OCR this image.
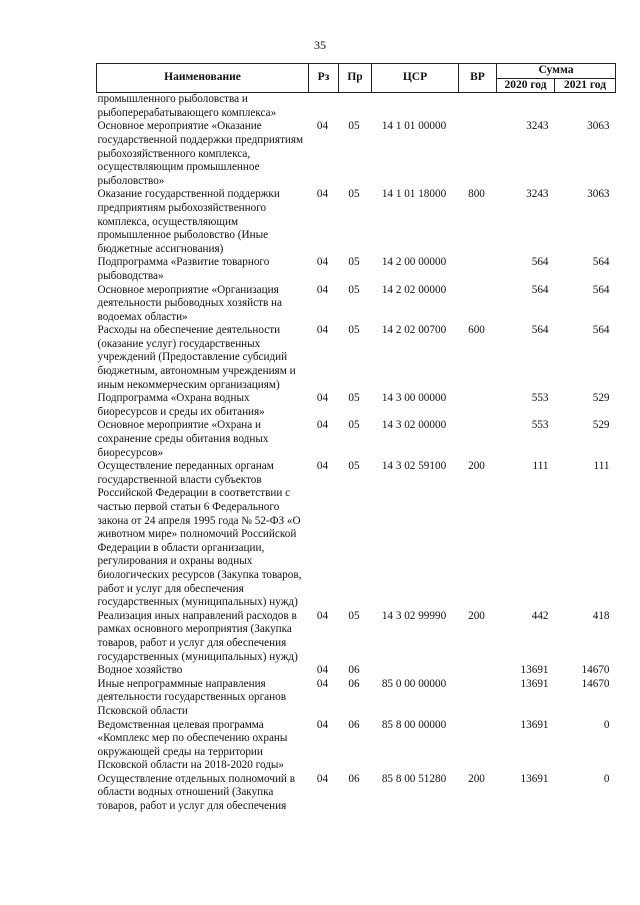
35
Наименование	Рз	Пр	ЦСР	ВР	Сумма	
					2020 год	2021 год
промышленного рыболовства и рыбоперерабатывающего комплекса»						
Основное мероприятие «Оказание государственной поддержки предприятиям рыбохозяйственного комплекса, осуществляющим промышленное рыболовство»	04	05	14 1 01 00000		3243	3063
Оказание государственной поддержки предприятиям рыбохозяйственного комплекса, осуществляющим промышленное рыболовство (Иные бюджетные ассигнования)	04	05	14 1 01 18000	800	3243	3063
Подпрограмма «Развитие товарного рыбоводства»	04	05	14 2 00 00000		564	564
Основное мероприятие «Организация деятельности рыбоводных хозяйств на водоемах области»	04	05	14 2 02 00000		564	564
Расходы на обеспечение деятельности (оказание услуг) государственных учреждений (Предоставление субсидий бюджетным, автономным учреждениям и иным некоммерческим организациям)	04	05	14 2 02 00700	600	564	564
Подпрограмма «Охрана водных биоресурсов и среды их обитания»	04	05	14 3 00 00000		553	529
Основное мероприятие «Охрана и сохранение среды обитания водных биоресурсов»	04	05	14 3 02 00000		553	529
Осуществление переданных органам государственной власти субъектов Российской Федерации в соответствии с частью первой статьи 6 Федерального закона от 24 апреля 1995 года № 52-ФЗ «О животном мире» полномочий Российской Федерации в области организации, регулирования и охраны водных биологических ресурсов (Закупка товаров, работ и услуг для обеспечения государственных (муниципальных) нужд)	04	05	14 3 02 59100	200	111	111
Реализация иных направлений расходов в рамках основного мероприятия (Закупка товаров, работ и услуг для обеспечения государственных (муниципальных) нужд)	04	05	14 3 02 99990	200	442	418
Водное хозяйство	04	06			13691	14670
Иные непрограммные направления деятельности государственных органов Псковской области	04	06	85 0 00 00000		13691	14670
Ведомственная целевая программа «Комплекс мер по обеспечению охраны окружающей среды на территории Псковской области на 2018-2020 годы»	04	06	85 8 00 00000		13691	0
Осуществление отдельных полномочий в области водных отношений (Закупка товаров, работ и услуг для обеспечения	04	06	85 8 00 51280	200	13691	0
